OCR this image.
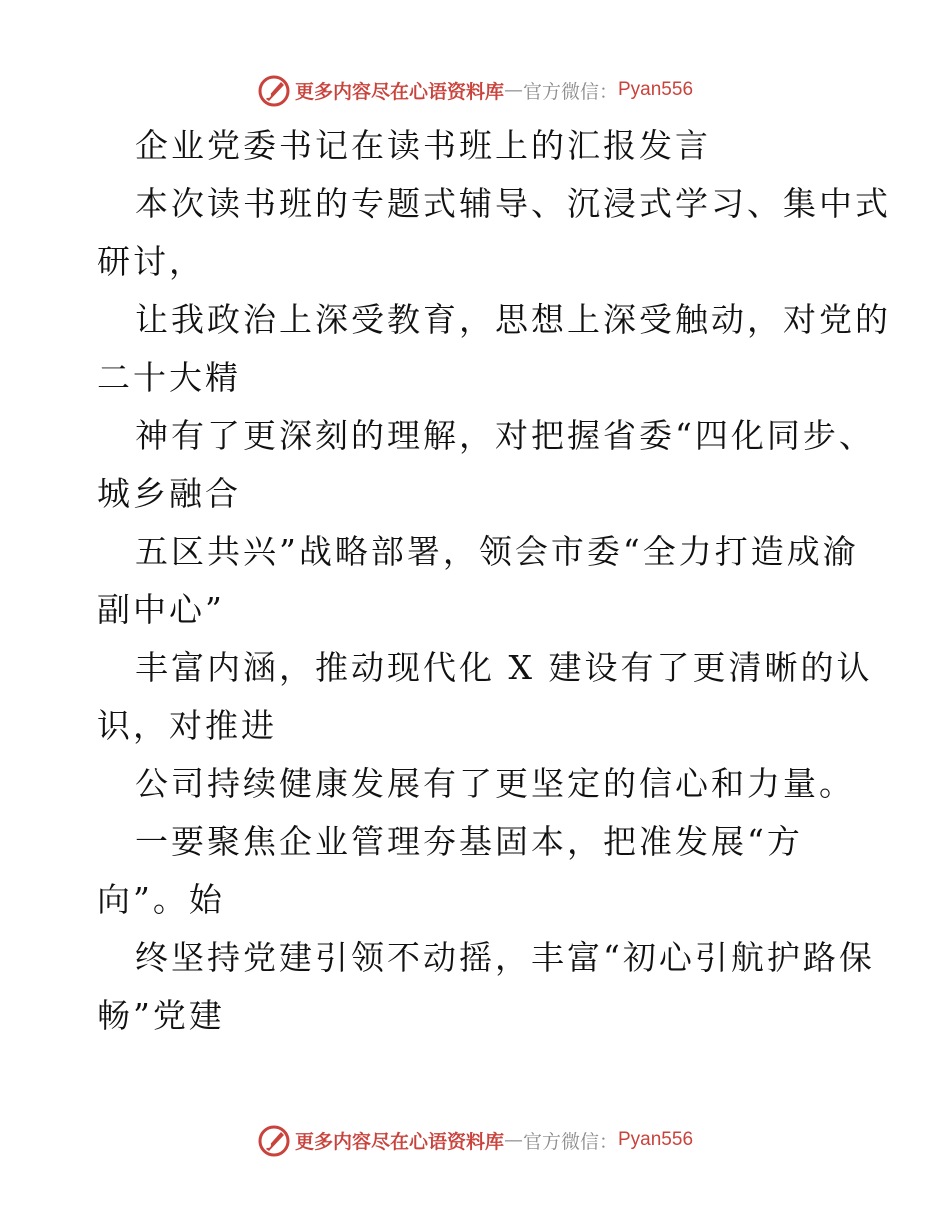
更多内容尽在心语资料库 — 官方微信： Pyan556
企业党委书记在读书班上的汇报发言
本次读书班的专题式辅导、沉浸式学习、集中式
研讨，
让我政治上深受教育，思想上深受触动，对党的
二十大精
神有了更深刻的理解，对把握省委“四化同步、
城乡融合
五区共兴”战略部署，领会市委“全力打造成渝
副中心”
丰富内涵，推动现代化 X 建设有了更清晰的认
识，对推进
公司持续健康发展有了更坚定的信心和力量。
一要聚焦企业管理夯基固本，把准发展“方
向”。始
终坚持党建引领不动摇，丰富“初心引航护路保
畅”党建
更多内容尽在心语资料库 — 官方微信： Pyan556
